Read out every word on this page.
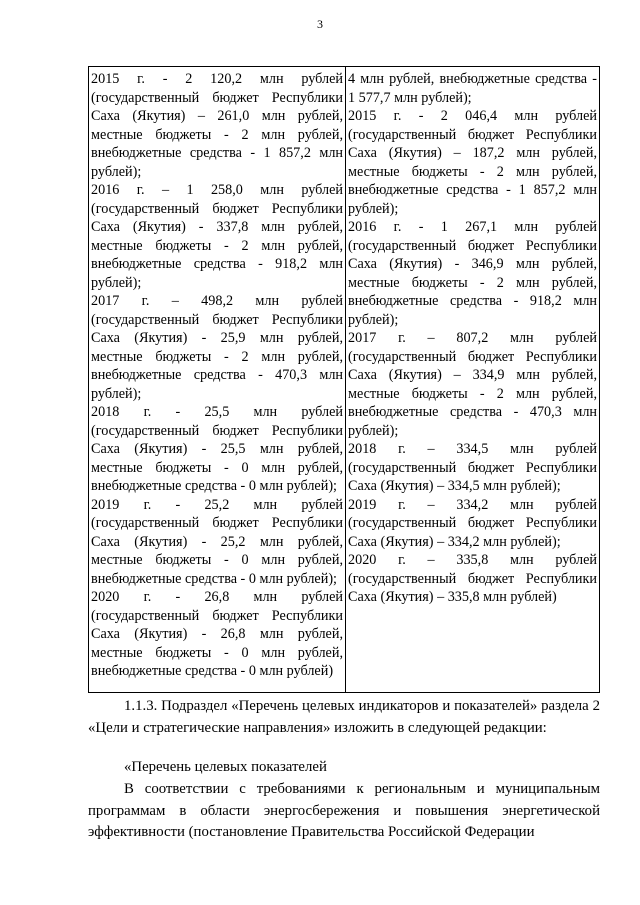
3

2015 г. - 2 120,2 млн рублей (государственный бюджет Республики Саха (Якутия) – 261,0 млн рублей, местные бюджеты - 2 млн рублей, внебюджетные средства - 1 857,2 млн рублей);

2016 г. – 1 258,0 млн рублей (государственный бюджет Республики Саха (Якутия) - 337,8 млн рублей, местные бюджеты - 2 млн рублей, внебюджетные средства - 918,2 млн рублей);

2017 г. – 498,2 млн рублей (государственный бюджет Республики Саха (Якутия) - 25,9 млн рублей, местные бюджеты - 2 млн рублей, внебюджетные средства - 470,3 млн рублей);

2018 г. - 25,5 млн рублей (государственный бюджет Республики Саха (Якутия) - 25,5 млн рублей, местные бюджеты - 0 млн рублей, внебюджетные средства - 0 млн рублей);

2019 г. - 25,2 млн рублей (государственный бюджет Республики Саха (Якутия) - 25,2 млн рублей, местные бюджеты - 0 млн рублей, внебюджетные средства - 0 млн рублей);

2020 г. - 26,8 млн рублей (государственный бюджет Республики Саха (Якутия) - 26,8 млн рублей, местные бюджеты - 0 млн рублей, внебюджетные средства - 0 млн рублей)

4 млн рублей, внебюджетные средства - 1 577,7 млн рублей);

2015 г. - 2 046,4 млн рублей (государственный бюджет Республики Саха (Якутия) – 187,2 млн рублей, местные бюджеты - 2 млн рублей, внебюджетные средства - 1 857,2 млн рублей);

2016 г. - 1 267,1 млн рублей (государственный бюджет Республики Саха (Якутия) - 346,9 млн рублей, местные бюджеты - 2 млн рублей, внебюджетные средства - 918,2 млн рублей);

2017 г. – 807,2 млн рублей (государственный бюджет Республики Саха (Якутия) – 334,9 млн рублей, местные бюджеты - 2 млн рублей, внебюджетные средства - 470,3 млн рублей);

2018 г. – 334,5 млн рублей (государственный бюджет Республики Саха (Якутия) – 334,5 млн рублей);

2019 г. – 334,2 млн рублей (государственный бюджет Республики Саха (Якутия) – 334,2 млн рублей);

2020 г. – 335,8 млн рублей (государственный бюджет Республики Саха (Якутия) – 335,8 млн рублей)

1.1.3. Подраздел «Перечень целевых индикаторов и показателей» раздела 2 «Цели и стратегические направления» изложить в следующей редакции:
«Перечень целевых показателей
В соответствии с требованиями к региональным и муниципальным программам в области энергосбережения и повышения энергетической эффективности (постановление Правительства Российской Федерации
